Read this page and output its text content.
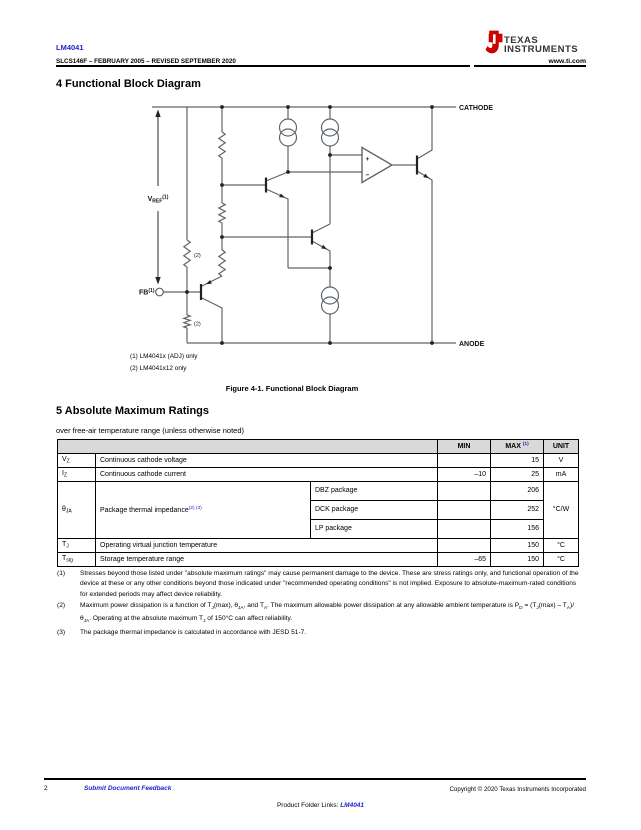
LM4041
SLCS146F – FEBRUARY 2005 – REVISED SEPTEMBER 2020
TEXAS
INSTRUMENTS
www.ti.com
4 Functional Block Diagram
CATHODE
ANODE
VREF$^{(1)}$
FB(1)
(2)
(2)
+
−
(1) LM4041x (ADJ) only
(2) LM4041x12 only
Figure 4-1. Functional Block Diagram
5 Absolute Maximum Ratings
over free-air temperature range (unless otherwise noted)
			MIN	MAX $^{(1)}$	UNIT
$V_Z$	Continuous cathode voltage			15	V
$I_Z$	Continuous cathode current		–10	25	mA
$\theta_{JA}$	Package thermal impedance$^{(2) (3)}$	DBZ package		206	°C/W
		DCK package		252	
		LP package		156	
$T_J$	Operating virtual junction temperature			150	°C
$T_{stg}$	Storage temperature range		–65	150	°C
(1)	Stresses beyond those listed under "absolute maximum ratings" may cause permanent damage to the device. These are stress ratings only, and functional operation of the device at these or any other conditions beyond those indicated under "recommended operating conditions" is not implied. Exposure to absolute-maximum-rated conditions for extended periods may affect device reliability.
(2)	Maximum power dissipation is a function of $T_J(\max)$, $\theta_{JA}$, and $T_A$. The maximum allowable power dissipation at any allowable ambient temperature is $P_D = (T_J(\max) - T_A)/\theta_{JA}$. Operating at the absolute maximum $T_J$ of 150°C can affect reliability.
(3)	The package thermal impedance is calculated in accordance with JESD 51-7.
2	Submit Document Feedback	Copyright © 2020 Texas Instruments Incorporated
Product Folder Links: LM4041
